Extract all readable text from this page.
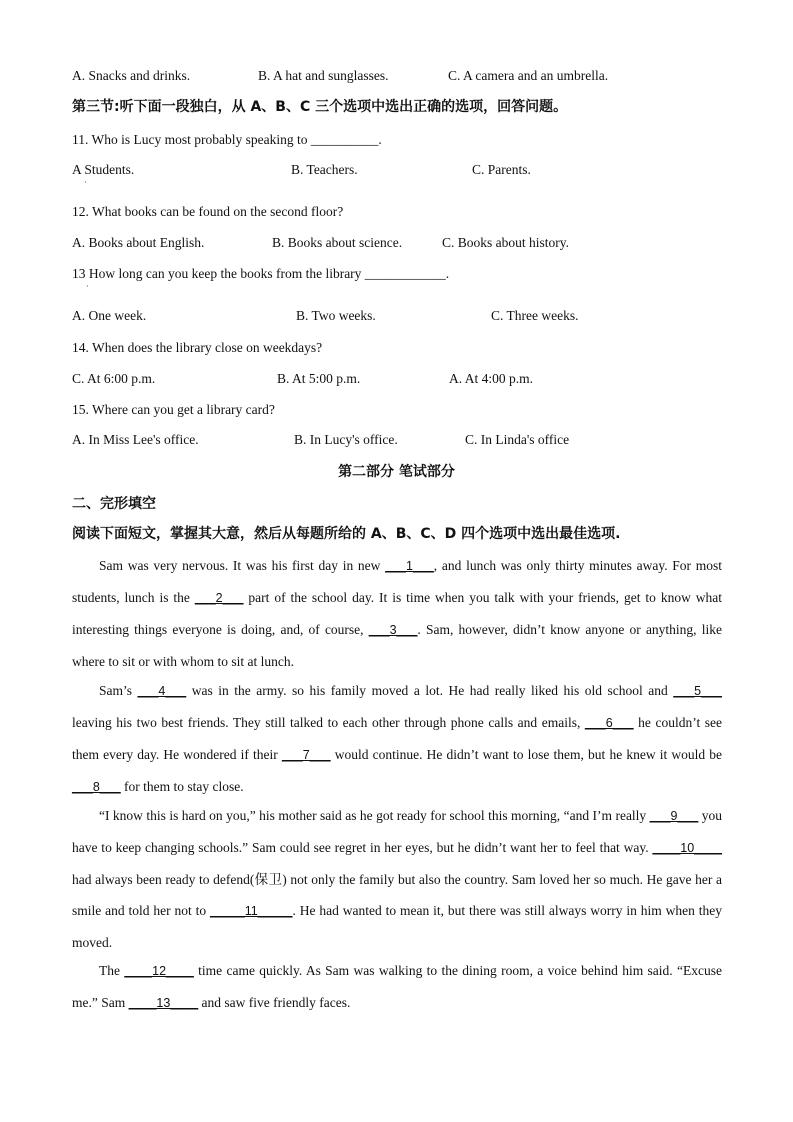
A. Snacks and drinks.	B. A hat and sunglasses.	C. A camera and an umbrella.
第三节:听下面一段独白，从 A、B、C 三个选项中选出正确的选项，回答问题。
11. Who is Lucy most probably speaking to __________.
A Students.
·
B. Teachers.	C. Parents.
12. What books can be found on the second floor?
A. Books about English.	B. Books about science.	C. Books about history.
13 How long can you keep the books from the library ____________.
·
A. One week.	B. Two weeks.	C. Three weeks.
14. When does the library close on weekdays?
C. At 6:00 p.m.	B. At 5:00 p.m.	A. At 4:00 p.m.
15. Where can you get a library card?
A. In Miss Lee's office.	B. In Lucy's office.	C. In Linda's office
第二部分 笔试部分
二、完形填空
阅读下面短文，掌握其大意，然后从每题所给的 A、B、C、D 四个选项中选出最佳选项.
Sam was very nervous. It was his first day in new ___1___, and lunch was only thirty minutes away. For most students, lunch is the ___2___ part of the school day. It is time when you talk with your friends, get to know what interesting things everyone is doing, and, of course, ___3___. Sam, however, didn’t know anyone or anything, like where to sit or with whom to sit at lunch.
Sam’s ___4___ was in the army. so his family moved a lot. He had really liked his old school and ___5___ leaving his two best friends. They still talked to each other through phone calls and emails, ___6___ he couldn’t see them every day. He wondered if their ___7___ would continue. He didn’t want to lose them, but he knew it would be ___8___ for them to stay close.
“I know this is hard on you,” his mother said as he got ready for school this morning, “and I’m really ___9___ you have to keep changing schools.” Sam could see regret in her eyes, but he didn’t want her to feel that way. ____10____ had always been ready to defend(保卫) not only the family but also the country. Sam loved her so much. He gave her a smile and told her not to _____11_____. He had wanted to mean it, but there was still always worry in him when they moved.
The ____12____ time came quickly. As Sam was walking to the dining room, a voice behind him said. “Excuse me.” Sam ____13____ and saw five friendly faces.
